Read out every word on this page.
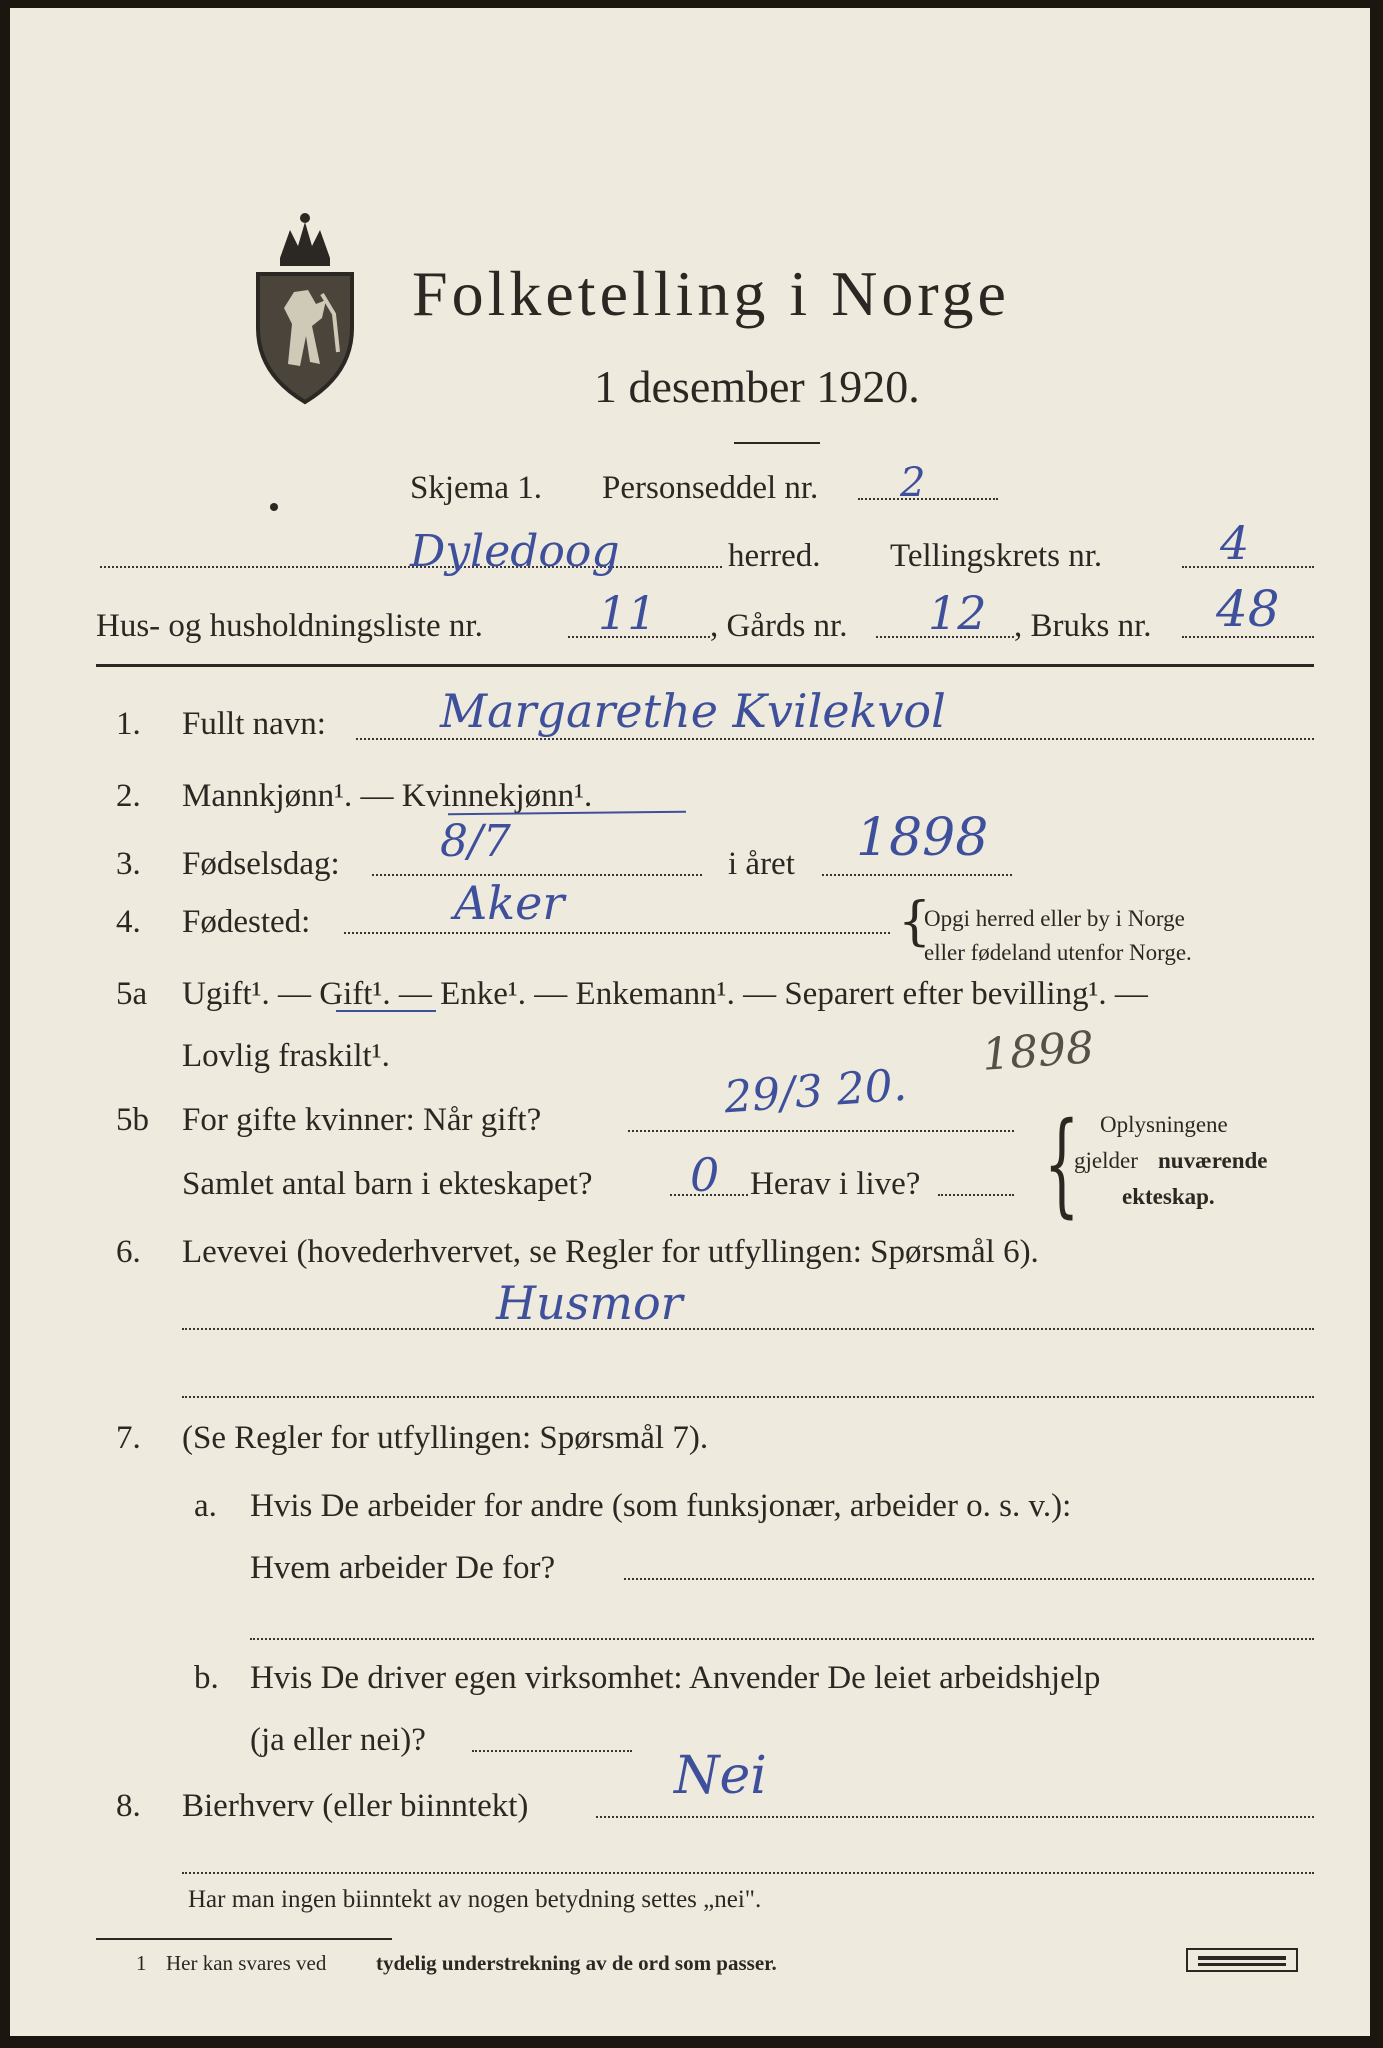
Folketelling i Norge
1 desember 1920.
Skjema 1. Personseddel nr. 2
Dyledoog	herred. Tellingskrets nr.	4
Hus- og husholdningsliste nr.	11 , Gårds nr. 12 , Bruks nr. 48
1. Fullt navn: Margarethe Kvilekvol
2. Mannkjønn¹. — Kvinnekjønn¹.
3. Fødselsdag: 8/7	i året 1898
4. Fødested:	Aker	{
Opgi herred eller by i Norge
eller fødeland utenfor Norge.
5a Ugift¹. — Gift¹. — Enke¹. — Enkemann¹. — Separert efter bevilling¹. —
Lovlig fraskilt¹.
5b For gifte kvinner: Når gift?	29/3 20.
1898
Samlet antal barn i ekteskapet? 0 Herav i live? { Oplysningene
gjelder nuværende
ekteskap.
6. Levevei (hovederhvervet, se Regler for utfyllingen: Spørsmål 6).
Husmor
7. (Se Regler for utfyllingen: Spørsmål 7).
a. Hvis De arbeider for andre (som funksjonær, arbeider o. s. v.):
Hvem arbeider De for?
b. Hvis De driver egen virksomhet: Anvender De leiet arbeidshjelp
(ja eller nei)?
8. Bierhverv (eller biinntekt)	Nei
Har man ingen biinntekt av nogen betydning settes „nei".
1 Her kan svares ved tydelig understrekning av de ord som passer.
